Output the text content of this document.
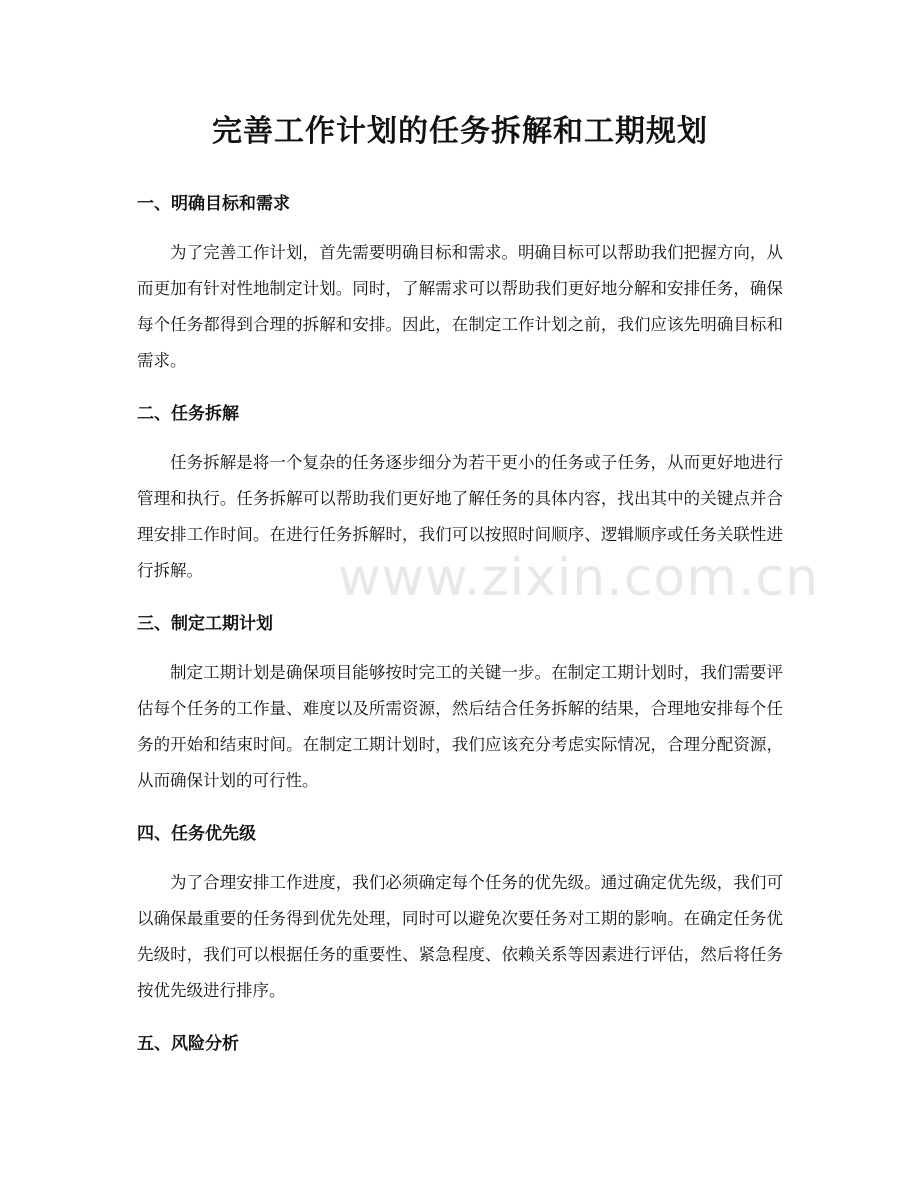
完善工作计划的任务拆解和工期规划
一、明确目标和需求

为了完善工作计划，首先需要明确目标和需求。明确目标可以帮助我们把握方向，从而更加有针对性地制定计划。同时，了解需求可以帮助我们更好地分解和安排任务，确保每个任务都得到合理的拆解和安排。因此，在制定工作计划之前，我们应该先明确目标和需求。

二、任务拆解

任务拆解是将一个复杂的任务逐步细分为若干更小的任务或子任务，从而更好地进行管理和执行。任务拆解可以帮助我们更好地了解任务的具体内容，找出其中的关键点并合理安排工作时间。在进行任务拆解时，我们可以按照时间顺序、逻辑顺序或任务关联性进行拆解。

三、制定工期计划

制定工期计划是确保项目能够按时完工的关键一步。在制定工期计划时，我们需要评估每个任务的工作量、难度以及所需资源，然后结合任务拆解的结果，合理地安排每个任务的开始和结束时间。在制定工期计划时，我们应该充分考虑实际情况，合理分配资源，从而确保计划的可行性。

四、任务优先级

为了合理安排工作进度，我们必须确定每个任务的优先级。通过确定优先级，我们可以确保最重要的任务得到优先处理，同时可以避免次要任务对工期的影响。在确定任务优先级时，我们可以根据任务的重要性、紧急程度、依赖关系等因素进行评估，然后将任务按优先级进行排序。

五、风险分析
www.zixin.com.cn
